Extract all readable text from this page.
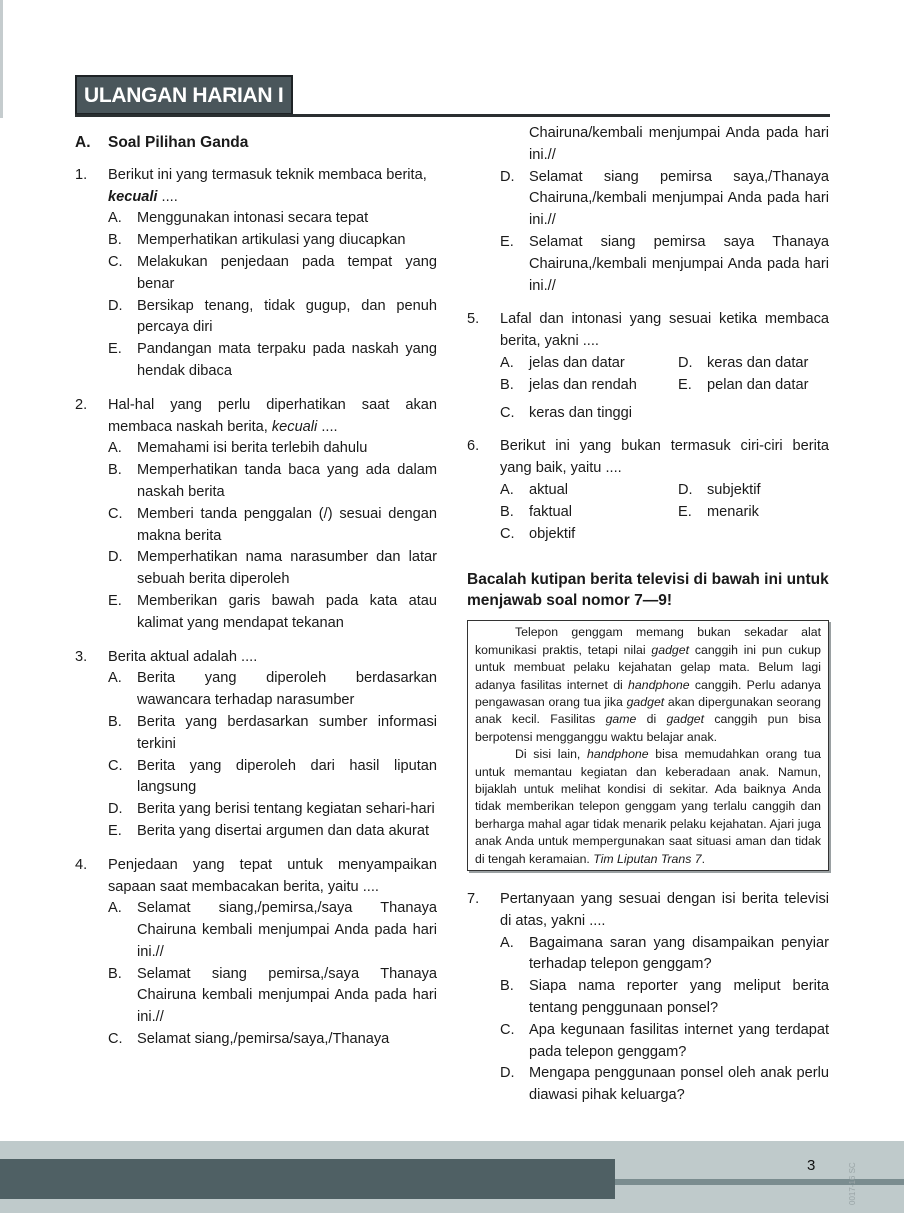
ULANGAN HARIAN I
A.	Soal Pilihan Ganda
1.	Berikut ini yang termasuk teknik membaca berita,
kecuali ....
A.	Menggunakan intonasi secara tepat
B.	Memperhatikan artikulasi yang diucapkan
C. Melakukan penjedaan pada tempat yang benar
D. Bersikap tenang, tidak gugup, dan penuh percaya diri
E.	Pandangan mata terpaku pada naskah yang hendak dibaca
2.	Hal-hal yang perlu diperhatikan saat akan membaca naskah berita, kecuali ....
A.	Memahami isi berita terlebih dahulu
B.	Memperhatikan tanda baca yang ada dalam naskah berita
C. Memberi tanda penggalan (/) sesuai dengan makna berita
D. Memperhatikan nama narasumber dan latar sebuah berita diperoleh
E.	Memberikan garis bawah pada kata atau kalimat yang mendapat tekanan
3.	Berita aktual adalah ....
A.	Berita yang diperoleh berdasarkan wawancara terhadap narasumber
B.	Berita yang berdasarkan sumber informasi terkini
C. Berita yang diperoleh dari hasil liputan langsung
D. Berita yang berisi tentang kegiatan sehari-hari
E.	Berita yang disertai argumen dan data akurat
4.	Penjedaan yang tepat untuk menyampaikan sapaan saat membacakan berita, yaitu ....
A.	Selamat siang,/pemirsa,/saya Thanaya Chairuna kembali menjumpai Anda pada hari ini.//
B.	Selamat siang pemirsa,/saya Thanaya Chairuna kembali menjumpai Anda pada hari ini.//
C. Selamat siang,/pemirsa/saya,/Thanaya
Chairuna/kembali menjumpai Anda pada hari ini.//
D. Selamat siang pemirsa saya,/Thanaya Chairuna,/kembali menjumpai Anda pada hari ini.//
E.	Selamat siang pemirsa saya Thanaya Chairuna,/kembali menjumpai Anda pada hari ini.//
5.	Lafal dan intonasi yang sesuai ketika membaca berita, yakni ....
A.	jelas dan datar	D. keras dan datar
B.	jelas dan rendah	E.	pelan dan datar
C. keras dan tinggi
6.	Berikut ini yang bukan termasuk ciri-ciri berita yang baik, yaitu ....
A.	aktual	D. subjektif
B.	faktual	E.	menarik
C. objektif
Bacalah kutipan berita televisi di bawah ini untuk menjawab soal nomor 7—9!

Telepon genggam memang bukan sekadar alat komunikasi praktis, tetapi nilai gadget canggih ini pun cukup untuk membuat pelaku kejahatan gelap mata. Belum lagi adanya fasilitas internet di handphone canggih. Perlu adanya pengawasan orang tua jika gadget akan dipergunakan seorang anak kecil. Fasilitas game di gadget canggih pun bisa berpotensi mengganggu waktu belajar anak.

Di sisi lain, handphone bisa memudahkan orang tua untuk memantau kegiatan dan keberadaan anak. Namun, bijaklah untuk melihat kondisi di sekitar. Ada baiknya Anda tidak memberikan telepon genggam yang terlalu canggih dan berharga mahal agar tidak menarik pelaku kejahatan. Ajari juga anak Anda untuk mempergunakan saat situasi aman dan tidak di tengah keramaian. Tim Liputan Trans 7.

7.	Pertanyaan yang sesuai dengan isi berita televisi di atas, yakni ....
A.	Bagaimana saran yang disampaikan penyiar terhadap telepon genggam?
B.	Siapa nama reporter yang meliput berita tentang penggunaan ponsel?
C. Apa kegunaan fasilitas internet yang terdapat pada telepon genggam?
D. Mengapa penggunaan ponsel oleh anak perlu diawasi pihak keluarga?
3	0017-16 SC
